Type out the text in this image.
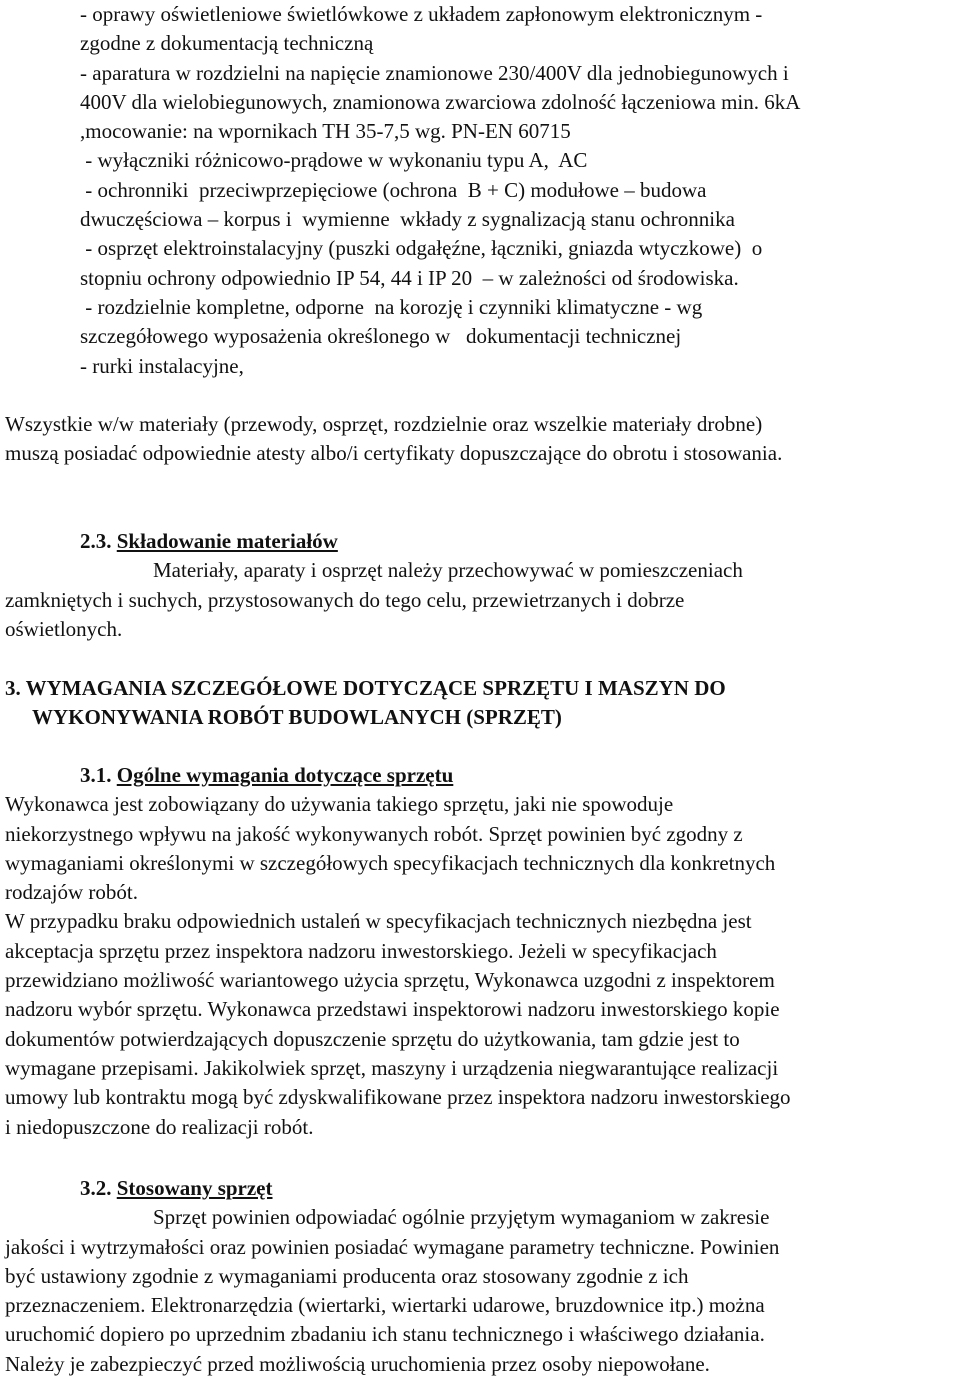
- oprawy oświetleniowe świetlówkowe z układem zapłonowym elektronicznym -
zgodne z dokumentacją techniczną
- aparatura w rozdzielni na napięcie znamionowe 230/400V dla jednobiegunowych i
400V dla wielobiegunowych, znamionowa zwarciowa zdolność łączeniowa min. 6kA
,mocowanie: na wpornikach TH 35-7,5 wg. PN-EN 60715
- wyłączniki różnicowo-prądowe w wykonaniu typu A,  AC
- ochronniki  przeciwprzepięciowe (ochrona  B + C) modułowe – budowa
dwuczęściowa – korpus i  wymienne  wkłady z sygnalizacją stanu ochronnika
- osprzęt elektroinstalacyjny (puszki odgałęźne, łączniki, gniazda wtyczkowe)  o
stopniu ochrony odpowiednio IP 54, 44 i IP 20  – w zależności od środowiska.
- rozdzielnie kompletne, odporne  na korozję i czynniki klimatyczne - wg
szczegółowego wyposażenia określonego w   dokumentacji technicznej
- rurki instalacyjne,
Wszystkie w/w materiały (przewody, osprzęt, rozdzielnie oraz wszelkie materiały drobne)
muszą posiadać odpowiednie atesty albo/i certyfikaty dopuszczające do obrotu i stosowania.
2.3. Składowanie materiałów
Materiały, aparaty i osprzęt należy przechowywać w pomieszczeniach
zamkniętych i suchych, przystosowanych do tego celu, przewietrzanych i dobrze
oświetlonych.
3. WYMAGANIA SZCZEGÓŁOWE DOTYCZĄCE SPRZĘTU I MASZYN DO
WYKONYWANIA ROBÓT BUDOWLANYCH (SPRZĘT)
3.1. Ogólne wymagania dotyczące sprzętu
Wykonawca jest zobowiązany do używania takiego sprzętu, jaki nie spowoduje
niekorzystnego wpływu na jakość wykonywanych robót. Sprzęt powinien być zgodny z
wymaganiami określonymi w szczegółowych specyfikacjach technicznych dla konkretnych
rodzajów robót.
W przypadku braku odpowiednich ustaleń w specyfikacjach technicznych niezbędna jest
akceptacja sprzętu przez inspektora nadzoru inwestorskiego. Jeżeli w specyfikacjach
przewidziano możliwość wariantowego użycia sprzętu, Wykonawca uzgodni z inspektorem
nadzoru wybór sprzętu. Wykonawca przedstawi inspektorowi nadzoru inwestorskiego kopie
dokumentów potwierdzających dopuszczenie sprzętu do użytkowania, tam gdzie jest to
wymagane przepisami. Jakikolwiek sprzęt, maszyny i urządzenia niegwarantujące realizacji
umowy lub kontraktu mogą być zdyskwalifikowane przez inspektora nadzoru inwestorskiego
i niedopuszczone do realizacji robót.
3.2. Stosowany sprzęt
Sprzęt powinien odpowiadać ogólnie przyjętym wymaganiom w zakresie
jakości i wytrzymałości oraz powinien posiadać wymagane parametry techniczne. Powinien
być ustawiony zgodnie z wymaganiami producenta oraz stosowany zgodnie z ich
przeznaczeniem. Elektronarzędzia (wiertarki, wiertarki udarowe, bruzdownice itp.) można
uruchomić dopiero po uprzednim zbadaniu ich stanu technicznego i właściwego działania.
Należy je zabezpieczyć przed możliwością uruchomienia przez osoby niepowołane.
